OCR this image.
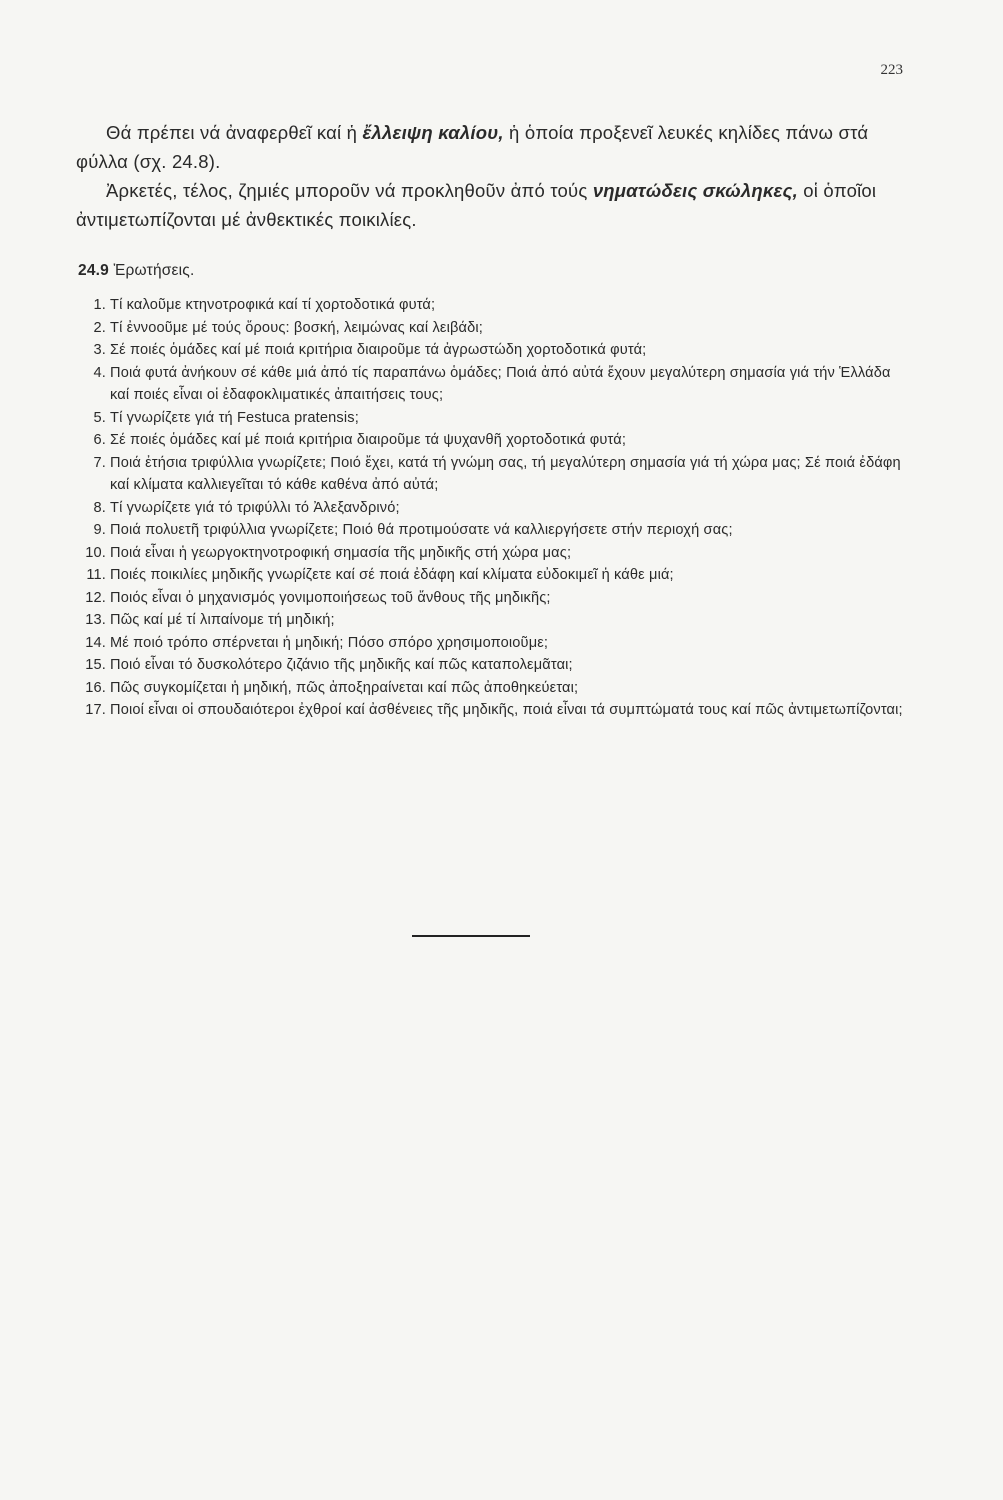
223

Θά πρέπει νά ἀναφερθεῖ καί ἡ ἔλλειψη καλίου, ἡ ὁποία προξενεῖ λευκές κηλίδες πάνω στά φύλλα (σχ. 24.8).

Ἀρκετές, τέλος, ζημιές μποροῦν νά προκληθοῦν ἀπό τούς νηματώδεις σκώληκες, οἱ ὁποῖοι ἀντιμετωπίζονται μέ ἀνθεκτικές ποικιλίες.

24.9 Ἐρωτήσεις.
1. Τί καλοῦμε κτηνοτροφικά καί τί χορτοδοτικά φυτά;
2. Τί ἐννοοῦμε μέ τούς ὅρους: βοσκή, λειμώνας καί λειβάδι;
3. Σέ ποιές ὁμάδες καί μέ ποιά κριτήρια διαιροῦμε τά ἀγρωστώδη χορτοδοτικά φυτά;
4. Ποιά φυτά ἀνήκουν σέ κάθε μιά ἀπό τίς παραπάνω ὁμάδες; Ποιά ἀπό αὐτά ἔχουν μεγαλύτερη σημασία γιά τήν Ἑλλάδα καί ποιές εἶναι οἱ ἐδαφοκλιματικές ἀπαιτήσεις τους;
5. Τί γνωρίζετε γιά τή Festuca pratensis;
6. Σέ ποιές ὁμάδες καί μέ ποιά κριτήρια διαιροῦμε τά ψυχανθῆ χορτοδοτικά φυτά;
7. Ποιά ἐτήσια τριφύλλια γνωρίζετε; Ποιό ἔχει, κατά τή γνώμη σας, τή μεγαλύτερη σημασία γιά τή χώρα μας; Σέ ποιά ἐδάφη καί κλίματα καλλιεγεῖται τό κάθε καθένα ἀπό αὐτά;
8. Τί γνωρίζετε γιά τό τριφύλλι τό Ἀλεξανδρινό;
9. Ποιά πολυετῆ τριφύλλια γνωρίζετε; Ποιό θά προτιμούσατε νά καλλιεργήσετε στήν περιοχή σας;
10. Ποιά εἶναι ἡ γεωργοκτηνοτροφική σημασία τῆς μηδικῆς στή χώρα μας;
11. Ποιές ποικιλίες μηδικῆς γνωρίζετε καί σέ ποιά ἐδάφη καί κλίματα εὐδοκιμεῖ ἡ κάθε μιά;
12. Ποιός εἶναι ὁ μηχανισμός γονιμοποιήσεως τοῦ ἄνθους τῆς μηδικῆς;
13. Πῶς καί μέ τί λιπαίνομε τή μηδική;
14. Μέ ποιό τρόπο σπέρνεται ἡ μηδική; Πόσο σπόρο χρησιμοποιοῦμε;
15. Ποιό εἶναι τό δυσκολότερο ζιζάνιο τῆς μηδικῆς καί πῶς καταπολεμᾶται;
16. Πῶς συγκομίζεται ἡ μηδική, πῶς ἀποξηραίνεται καί πῶς ἀποθηκεύεται;
17. Ποιοί εἶναι οἱ σπουδαιότεροι ἐχθροί καί ἀσθένειες τῆς μηδικῆς, ποιά εἶναι τά συμπτώματά τους καί πῶς ἀντιμετωπίζονται;
